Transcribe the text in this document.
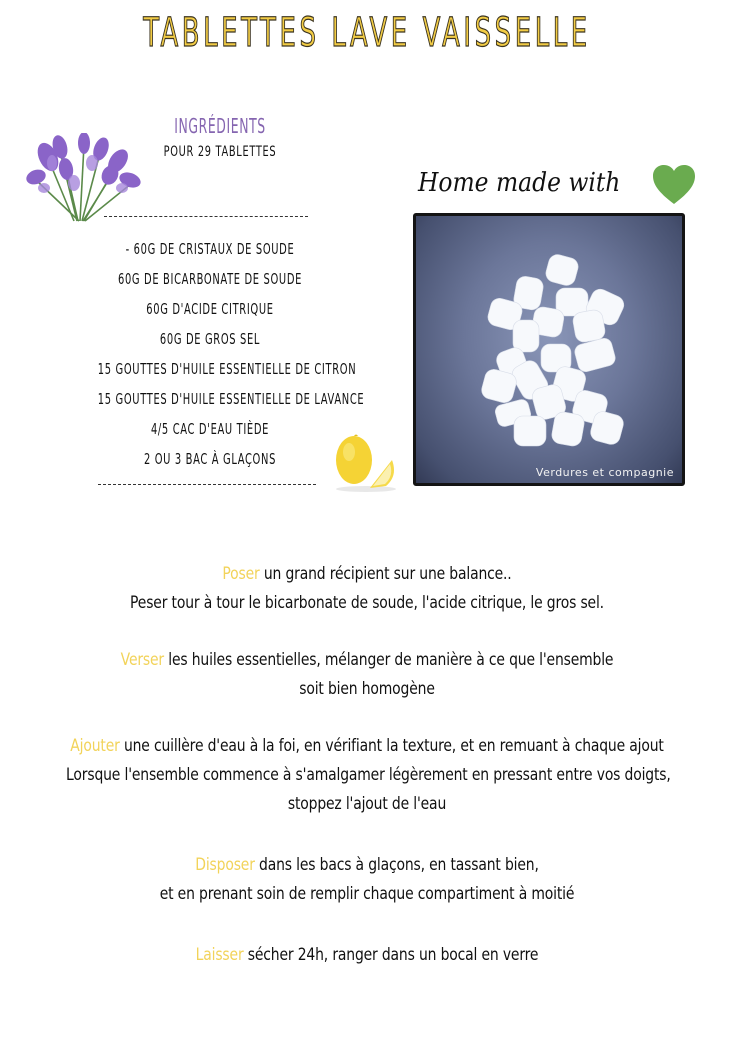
TABLETTES LAVE VAISSELLE
INGRÉDIENTS
POUR 29 TABLETTES
- 60G DE CRISTAUX DE SOUDE
60G DE BICARBONATE DE SOUDE
60G D'ACIDE CITRIQUE
60G DE GROS SEL
15 GOUTTES D'HUILE ESSENTIELLE DE CITRON
15 GOUTTES D'HUILE ESSENTIELLE DE LAVANCE
4/5 CAC D'EAU TIÈDE
2 OU 3 BAC À GLAÇONS
Home made with
Verdures et compagnie

Poser un grand récipient sur une balance..

Peser tour à tour le bicarbonate de soude, l'acide citrique, le gros sel.

Verser les huiles essentielles, mélanger de manière à ce que l'ensemble

soit bien homogène

Ajouter une cuillère d'eau à la foi, en vérifiant la texture, et en remuant à chaque ajout

Lorsque l'ensemble commence à s'amalgamer légèrement en pressant entre vos doigts,

stoppez l'ajout de l'eau

Disposer dans les bacs à glaçons, en tassant bien,

et en prenant soin de remplir chaque compartiment à moitié

Laisser sécher 24h, ranger dans un bocal en verre
